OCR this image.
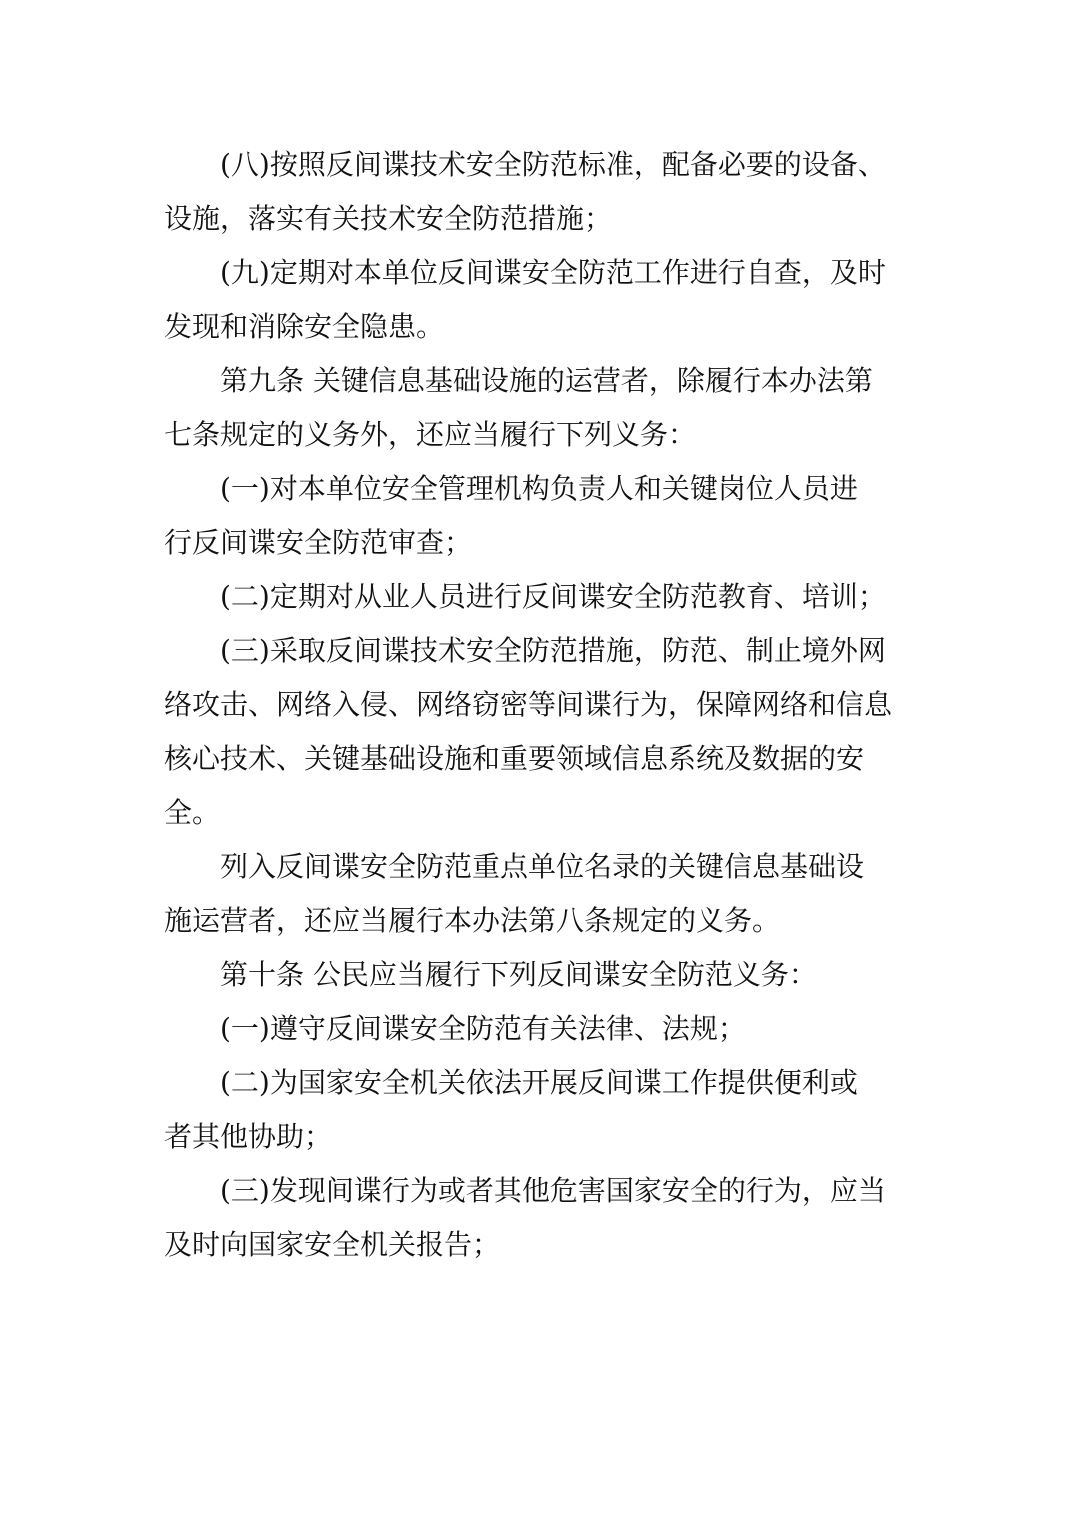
(八)按照反间谍技术安全防范标准，配备必要的设备、
设施，落实有关技术安全防范措施；

(九)定期对本单位反间谍安全防范工作进行自查，及时
发现和消除安全隐患。

第九条 关键信息基础设施的运营者，除履行本办法第
七条规定的义务外，还应当履行下列义务：

(一)对本单位安全管理机构负责人和关键岗位人员进
行反间谍安全防范审查；

(二)定期对从业人员进行反间谍安全防范教育、培训；

(三)采取反间谍技术安全防范措施，防范、制止境外网
络攻击、网络入侵、网络窃密等间谍行为，保障网络和信息
核心技术、关键基础设施和重要领域信息系统及数据的安
全。

列入反间谍安全防范重点单位名录的关键信息基础设
施运营者，还应当履行本办法第八条规定的义务。

第十条 公民应当履行下列反间谍安全防范义务：

(一)遵守反间谍安全防范有关法律、法规；

(二)为国家安全机关依法开展反间谍工作提供便利或
者其他协助；

(三)发现间谍行为或者其他危害国家安全的行为，应当
及时向国家安全机关报告；
